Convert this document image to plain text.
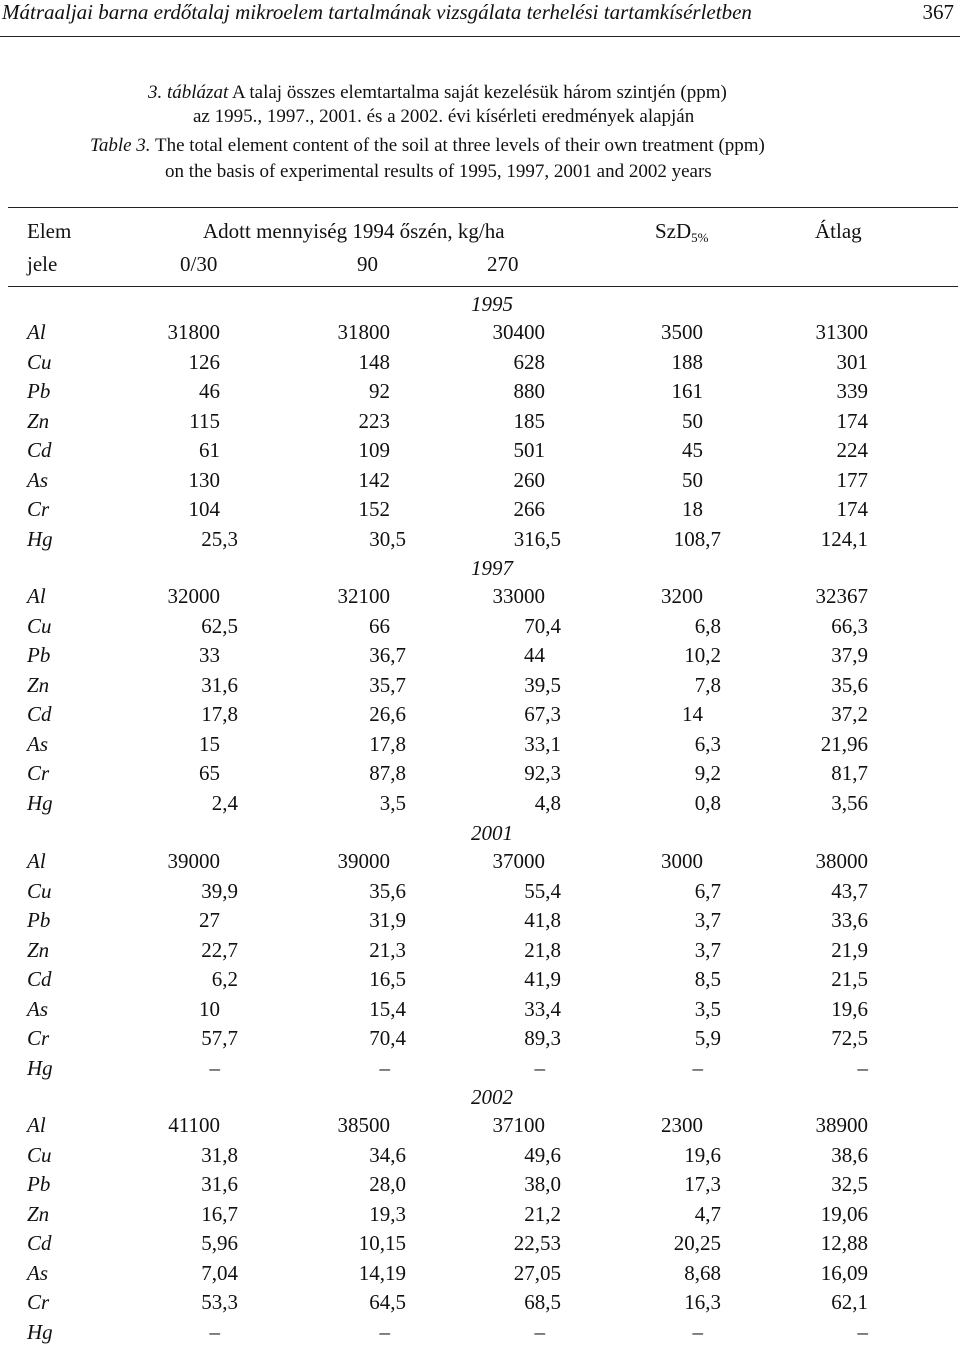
Mátraaljai barna erdőtalaj mikroelem tartalmának vizsgálata terhelési tartamkísérletben	367
3. táblázat A talaj összes elemtartalma saját kezelésük három szintjén (ppm)
az 1995., 1997., 2001. és a 2002. évi kísérleti eredmények alapján
Table 3. The total element content of the soil at three levels of their own treatment (ppm)
on the basis of experimental results of 1995, 1997, 2001 and 2002 years
Elem	Adott mennyiség 1994 őszén, kg/ha	SzD$_{5\%}$	Átlag
jele	0/30	90	270
1995
Al	31800	31800	30400	3500	31300
Cu	126	148	628	188	301
Pb	46	92	880	161	339
Zn	115	223	185	50	174
Cd	61	109	501	45	224
As	130	142	260	50	177
Cr	104	152	266	18	174
Hg	25,3	30,5	316,5	108,7	124,1
1997
Al	32000	32100	33000	3200	32367
Cu	62,5	66	70,4	6,8	66,3
Pb	33	36,7	44	10,2	37,9
Zn	31,6	35,7	39,5	7,8	35,6
Cd	17,8	26,6	67,3	14	37,2
As	15	17,8	33,1	6,3	21,96
Cr	65	87,8	92,3	9,2	81,7
Hg	2,4	3,5	4,8	0,8	3,56
2001
Al	39000	39000	37000	3000	38000
Cu	39,9	35,6	55,4	6,7	43,7
Pb	27	31,9	41,8	3,7	33,6
Zn	22,7	21,3	21,8	3,7	21,9
Cd	6,2	16,5	41,9	8,5	21,5
As	10	15,4	33,4	3,5	19,6
Cr	57,7	70,4	89,3	5,9	72,5
Hg	–	–	–	–	–
2002
Al	41100	38500	37100	2300	38900
Cu	31,8	34,6	49,6	19,6	38,6
Pb	31,6	28,0	38,0	17,3	32,5
Zn	16,7	19,3	21,2	4,7	19,06
Cd	5,96	10,15	22,53	20,25	12,88
As	7,04	14,19	27,05	8,68	16,09
Cr	53,3	64,5	68,5	16,3	62,1
Hg	–	–	–	–	–
